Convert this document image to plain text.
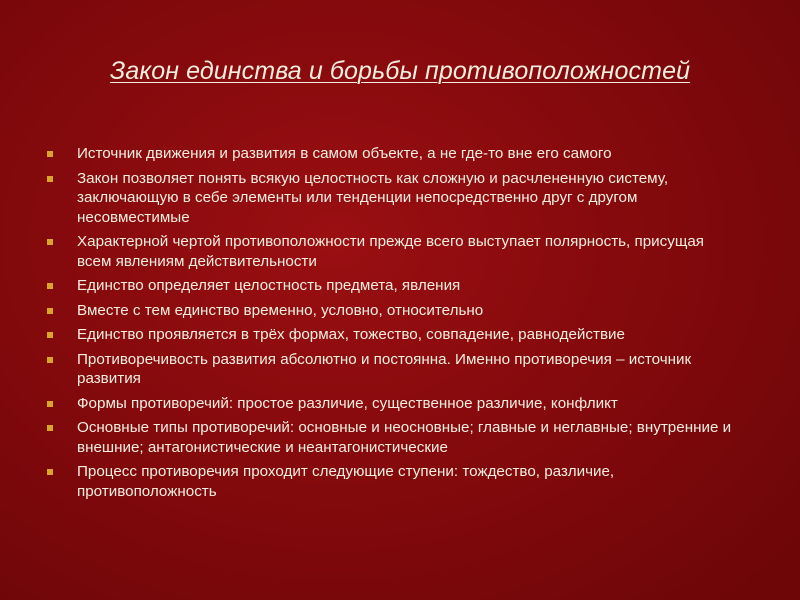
Закон единства и борьбы противоположностей
Источник движения и развития в самом объекте, а не где-то вне его самого
Закон позволяет понять всякую целостность как сложную и расчлененную систему, заключающую в себе элементы или тенденции непосредственно друг с другом несовместимые
Характерной чертой противоположности прежде всего выступает полярность, присущая всем явлениям действительности
Единство определяет целостность предмета, явления
Вместе с тем единство временно, условно, относительно
Единство проявляется в трёх формах, тожество, совпадение, равнодействие
Противоречивость развития абсолютно и постоянна. Именно противоречия – источник развития
Формы противоречий: простое различие, существенное различие, конфликт
Основные типы противоречий: основные и неосновные; главные и неглавные; внутренние и внешние; антагонистические и неантагонистические
Процесс противоречия проходит следующие ступени: тождество, различие, противоположность
